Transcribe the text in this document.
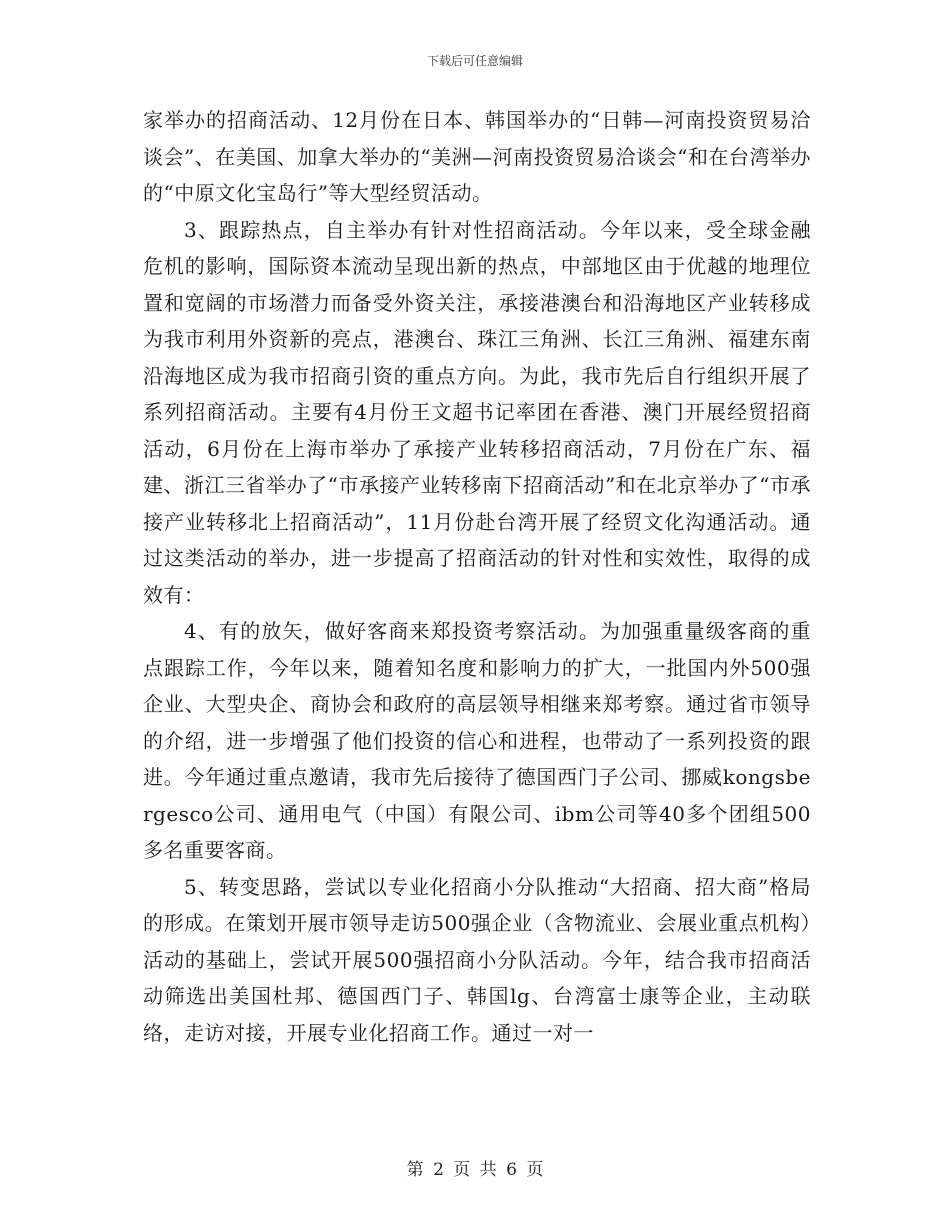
下载后可任意编辑

家举办的招商活动、12月份在日本、韩国举办的“日韩—河南投资贸易洽谈会”、在美国、加拿大举办的“美洲—河南投资贸易洽谈会“和在台湾举办的“中原文化宝岛行”等大型经贸活动。

3、跟踪热点，自主举办有针对性招商活动。今年以来，受全球金融危机的影响，国际资本流动呈现出新的热点，中部地区由于优越的地理位置和宽阔的市场潜力而备受外资关注，承接港澳台和沿海地区产业转移成为我市利用外资新的亮点，港澳台、珠江三角洲、长江三角洲、福建东南沿海地区成为我市招商引资的重点方向。为此，我市先后自行组织开展了系列招商活动。主要有4月份王文超书记率团在香港、澳门开展经贸招商活动，6月份在上海市举办了承接产业转移招商活动，7月份在广东、福建、浙江三省举办了“市承接产业转移南下招商活动”和在北京举办了“市承接产业转移北上招商活动”，11月份赴台湾开展了经贸文化沟通活动。通过这类活动的举办，进一步提高了招商活动的针对性和实效性，取得的成效有：

4、有的放矢，做好客商来郑投资考察活动。为加强重量级客商的重点跟踪工作，今年以来，随着知名度和影响力的扩大，一批国内外500强企业、大型央企、商协会和政府的高层领导相继来郑考察。通过省市领导的介绍，进一步增强了他们投资的信心和进程，也带动了一系列投资的跟进。今年通过重点邀请，我市先后接待了德国西门子公司、挪威kongsbergesco公司、通用电气（中国）有限公司、ibm公司等40多个团组500多名重要客商。

5、转变思路，尝试以专业化招商小分队推动“大招商、招大商”格局的形成。在策划开展市领导走访500强企业（含物流业、会展业重点机构）活动的基础上，尝试开展500强招商小分队活动。今年，结合我市招商活动筛选出美国杜邦、德国西门子、韩国lg、台湾富士康等企业，主动联络，走访对接，开展专业化招商工作。通过一对一

第 2 页 共 6 页
